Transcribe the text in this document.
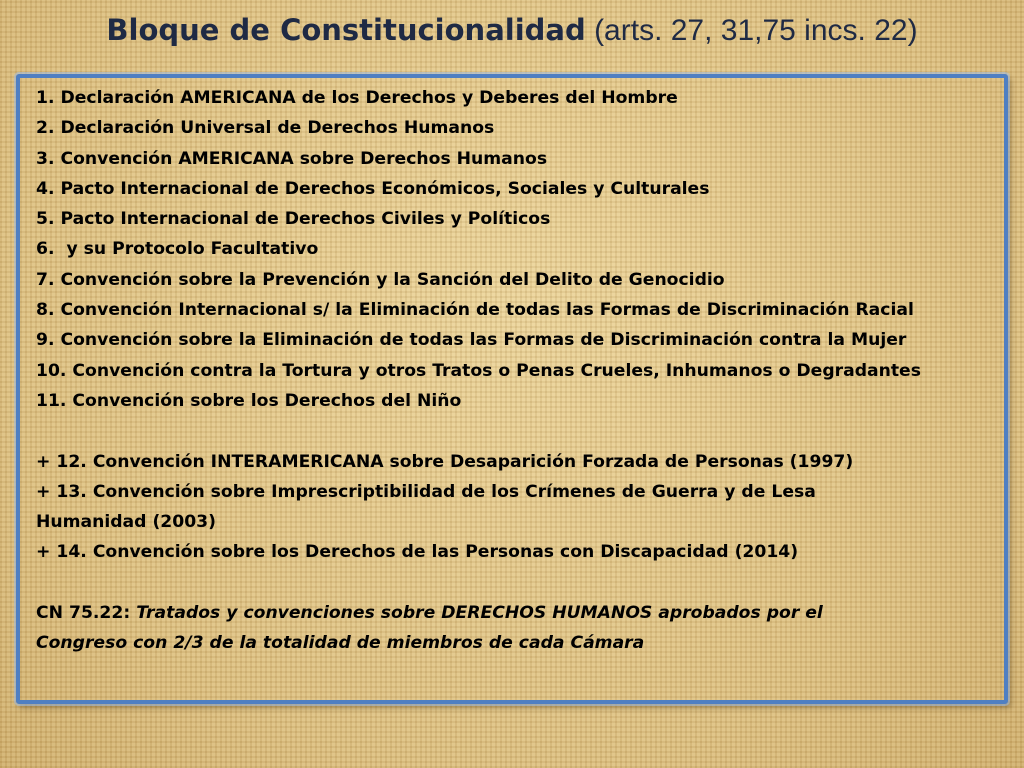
Bloque de Constitucionalidad (arts. 27, 31,75 incs. 22)
1. Declaración AMERICANA de los Derechos y Deberes del Hombre
2. Declaración Universal de Derechos Humanos
3. Convención AMERICANA sobre Derechos Humanos
4. Pacto Internacional de Derechos Económicos, Sociales y Culturales
5. Pacto Internacional de Derechos Civiles y Políticos
6.  y su Protocolo Facultativo
7. Convención sobre la Prevención y la Sanción del Delito de Genocidio
8. Convención Internacional s/ la Eliminación de todas las Formas de Discriminación Racial
9. Convención sobre la Eliminación de todas las Formas de Discriminación contra la Mujer
10. Convención contra la Tortura y otros Tratos o Penas Crueles, Inhumanos o Degradantes
11. Convención sobre los Derechos del Niño
+ 12. Convención INTERAMERICANA sobre Desaparición Forzada de Personas (1997)
+ 13. Convención sobre Imprescriptibilidad de los Crímenes de Guerra y de Lesa
Humanidad (2003)
+ 14. Convención sobre los Derechos de las Personas con Discapacidad (2014)
CN 75.22: Tratados y convenciones sobre DERECHOS HUMANOS aprobados por el
Congreso con 2/3 de la totalidad de miembros de cada Cámara
